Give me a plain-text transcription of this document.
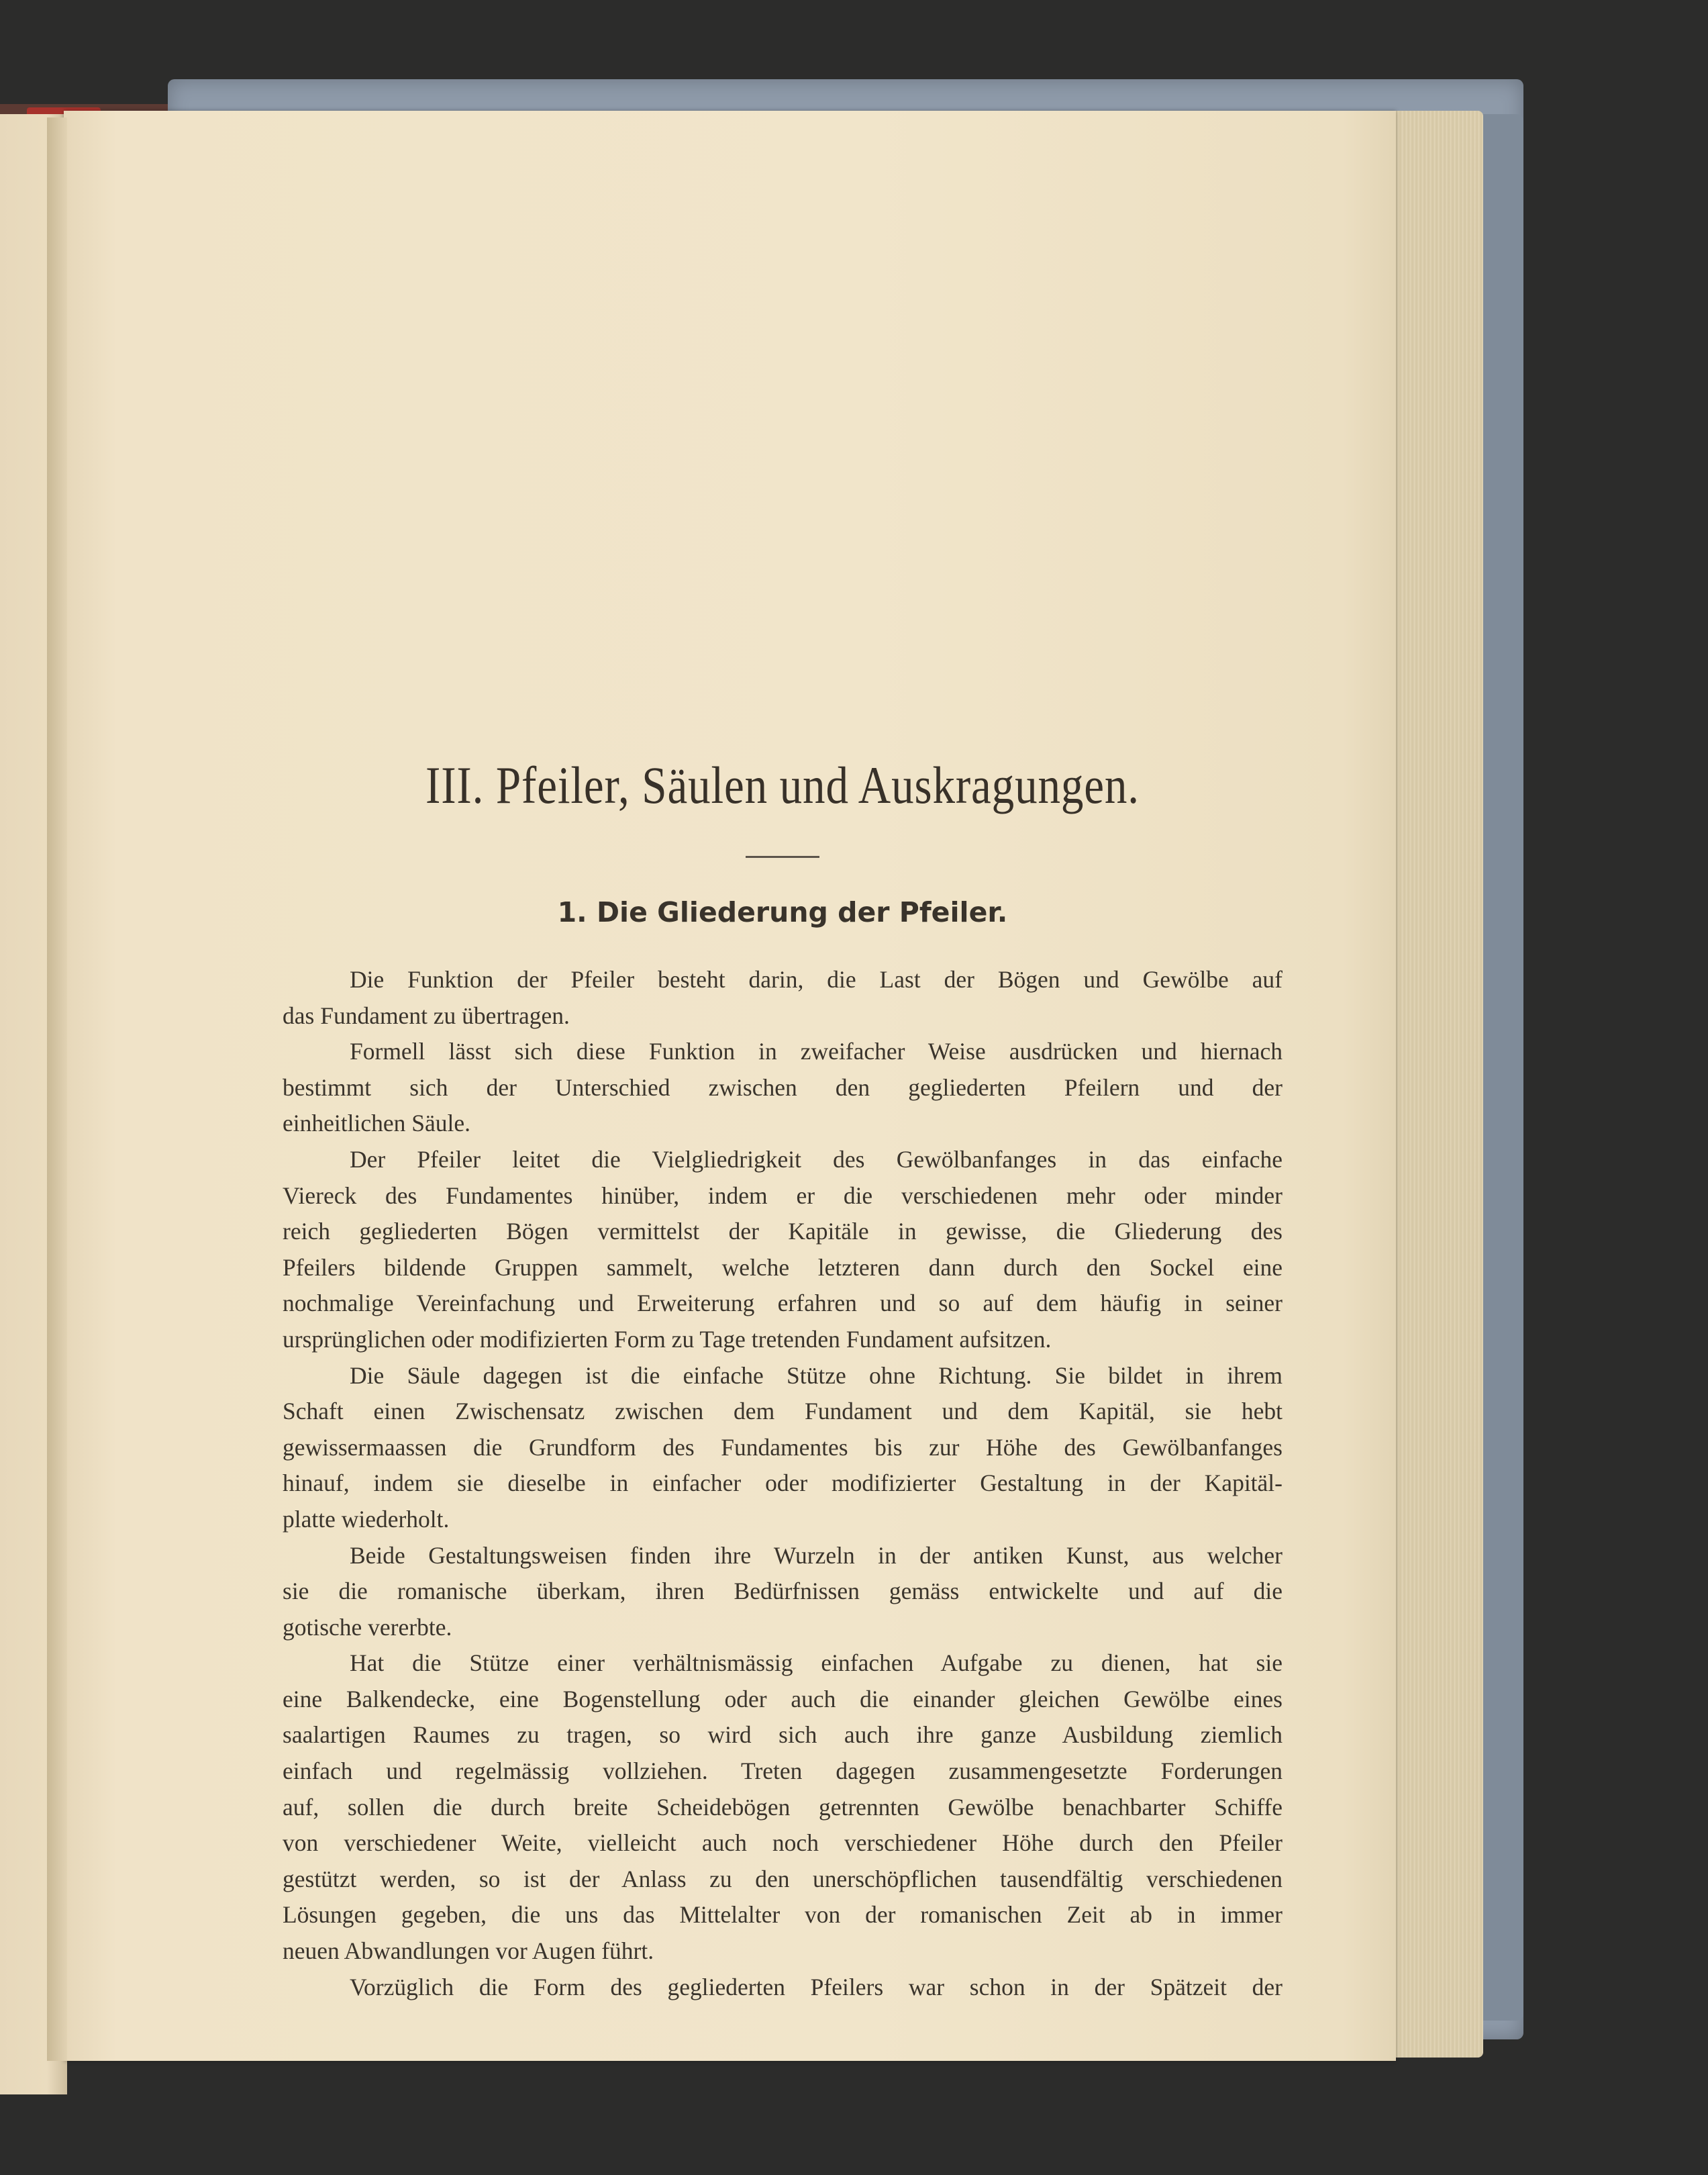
III. Pfeiler, Säulen und Auskragungen.
1. Die Gliederung der Pfeiler.
Die Funktion der Pfeiler besteht darin, die Last der Bögen und Gewölbe auf
das Fundament zu übertragen.
Formell lässt sich diese Funktion in zweifacher Weise ausdrücken und hiernach
bestimmt sich der Unterschied zwischen den gegliederten Pfeilern und der
einheitlichen Säule.
Der Pfeiler leitet die Vielgliedrigkeit des Gewölbanfanges in das einfache
Viereck des Fundamentes hinüber, indem er die verschiedenen mehr oder minder
reich gegliederten Bögen vermittelst der Kapitäle in gewisse, die Gliederung des
Pfeilers bildende Gruppen sammelt, welche letzteren dann durch den Sockel eine
nochmalige Vereinfachung und Erweiterung erfahren und so auf dem häufig in seiner
ursprünglichen oder modifizierten Form zu Tage tretenden Fundament aufsitzen.
Die Säule dagegen ist die einfache Stütze ohne Richtung. Sie bildet in ihrem
Schaft einen Zwischensatz zwischen dem Fundament und dem Kapitäl, sie hebt
gewissermaassen die Grundform des Fundamentes bis zur Höhe des Gewölbanfanges
hinauf, indem sie dieselbe in einfacher oder modifizierter Gestaltung in der Kapitäl-
platte wiederholt.
Beide Gestaltungsweisen finden ihre Wurzeln in der antiken Kunst, aus welcher
sie die romanische überkam, ihren Bedürfnissen gemäss entwickelte und auf die
gotische vererbte.
Hat die Stütze einer verhältnismässig einfachen Aufgabe zu dienen, hat sie
eine Balkendecke, eine Bogenstellung oder auch die einander gleichen Gewölbe eines
saalartigen Raumes zu tragen, so wird sich auch ihre ganze Ausbildung ziemlich
einfach und regelmässig vollziehen. Treten dagegen zusammengesetzte Forderungen
auf, sollen die durch breite Scheidebögen getrennten Gewölbe benachbarter Schiffe
von verschiedener Weite, vielleicht auch noch verschiedener Höhe durch den Pfeiler
gestützt werden, so ist der Anlass zu den unerschöpflichen tausendfältig verschiedenen
Lösungen gegeben, die uns das Mittelalter von der romanischen Zeit ab in immer
neuen Abwandlungen vor Augen führt.
Vorzüglich die Form des gegliederten Pfeilers war schon in der Spätzeit der
